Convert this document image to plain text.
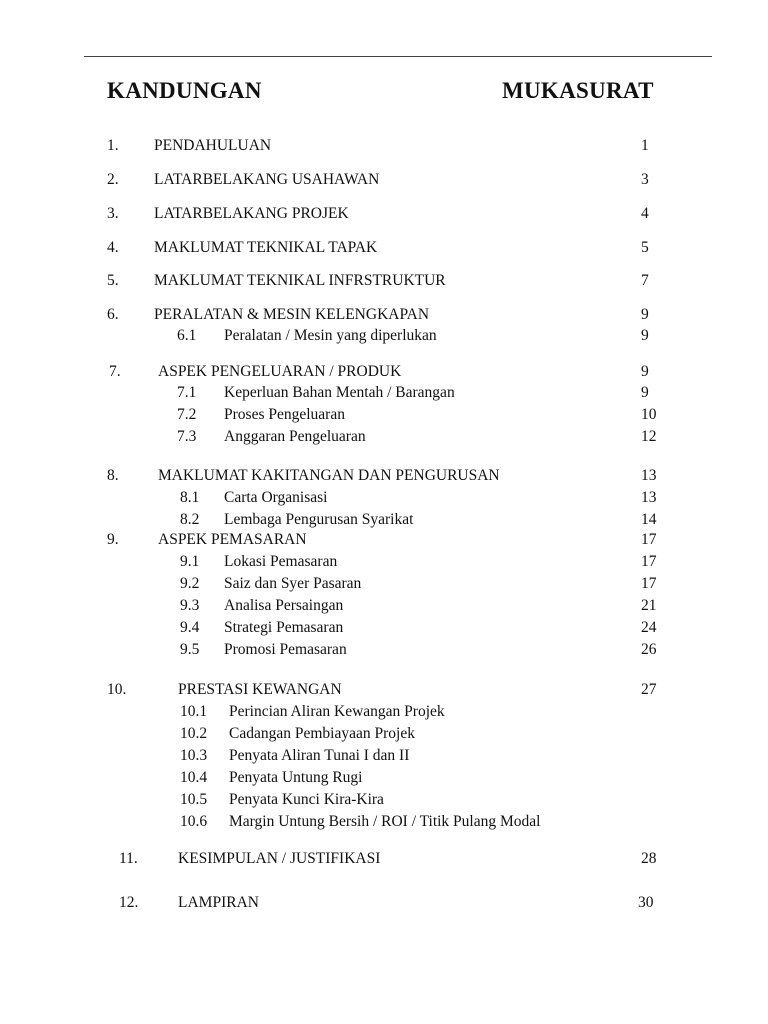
KANDUNGAN	MUKASURAT
1. PENDAHULUAN	1
2. LATARBELAKANG USAHAWAN	3
3. LATARBELAKANG PROJEK	4
4. MAKLUMAT TEKNIKAL TAPAK	5
5. MAKLUMAT TEKNIKAL INFRSTRUKTUR	7
6. PERALATAN & MESIN KELENGKAPAN	9
6.1 Peralatan / Mesin yang diperlukan	9
7. ASPEK PENGELUARAN / PRODUK	9
7.1 Keperluan Bahan Mentah / Barangan	9
7.2 Proses Pengeluaran	10
7.3 Anggaran Pengeluaran	12
8.	MAKLUMAT KAKITANGAN DAN PENGURUSAN	13
8.1 Carta Organisasi	13
8.2 Lembaga Pengurusan Syarikat	14
9.	ASPEK PEMASARAN	17
9.1 Lokasi Pemasaran	17
9.2 Saiz dan Syer Pasaran	17
9.3 Analisa Persaingan	21
9.4 Strategi Pemasaran	24
9.5 Promosi Pemasaran	26
10.	PRESTASI KEWANGAN	27
10.1 Perincian Aliran Kewangan Projek
10.2 Cadangan Pembiayaan Projek
10.3 Penyata Aliran Tunai I dan II
10.4 Penyata Untung Rugi
10.5 Penyata Kunci Kira-Kira
10.6 Margin Untung Bersih / ROI / Titik Pulang Modal
11.	KESIMPULAN / JUSTIFIKASI	28
12.	LAMPIRAN	30
